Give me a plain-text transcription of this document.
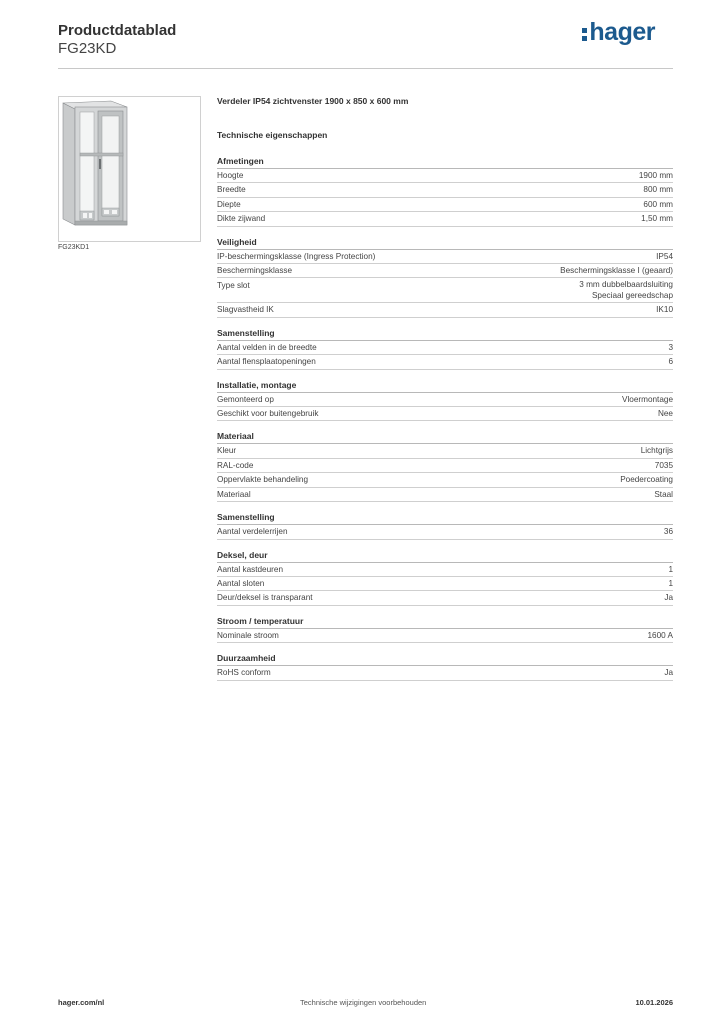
Productdatablad
FG23KD
hager
FG23KD1
Verdeler IP54 zichtvenster 1900 x 850 x 600 mm
Technische eigenschappen
Afmetingen
Hoogte	1900 mm
Breedte	800 mm
Diepte	600 mm
Dikte zijwand	1,50 mm
Veiligheid
IP-beschermingsklasse (Ingress Protection)	IP54
Beschermingsklasse	Beschermingsklasse I (geaard)
Type slot	3 mm dubbelbaardsluiting
Speciaal gereedschap
Slagvastheid IK	IK10
Samenstelling
Aantal velden in de breedte	3
Aantal flensplaatopeningen	6
Installatie, montage
Gemonteerd op	Vloermontage
Geschikt voor buitengebruik	Nee
Materiaal
Kleur	Lichtgrijs
RAL-code	7035
Oppervlakte behandeling	Poedercoating
Materiaal	Staal
Samenstelling
Aantal verdelerrijen	36
Deksel, deur
Aantal kastdeuren	1
Aantal sloten	1
Deur/deksel is transparant	Ja
Stroom / temperatuur
Nominale stroom	1600 A
Duurzaamheid
RoHS conform	Ja
hager.com/nl	Technische wijzigingen voorbehouden	10.01.2026
